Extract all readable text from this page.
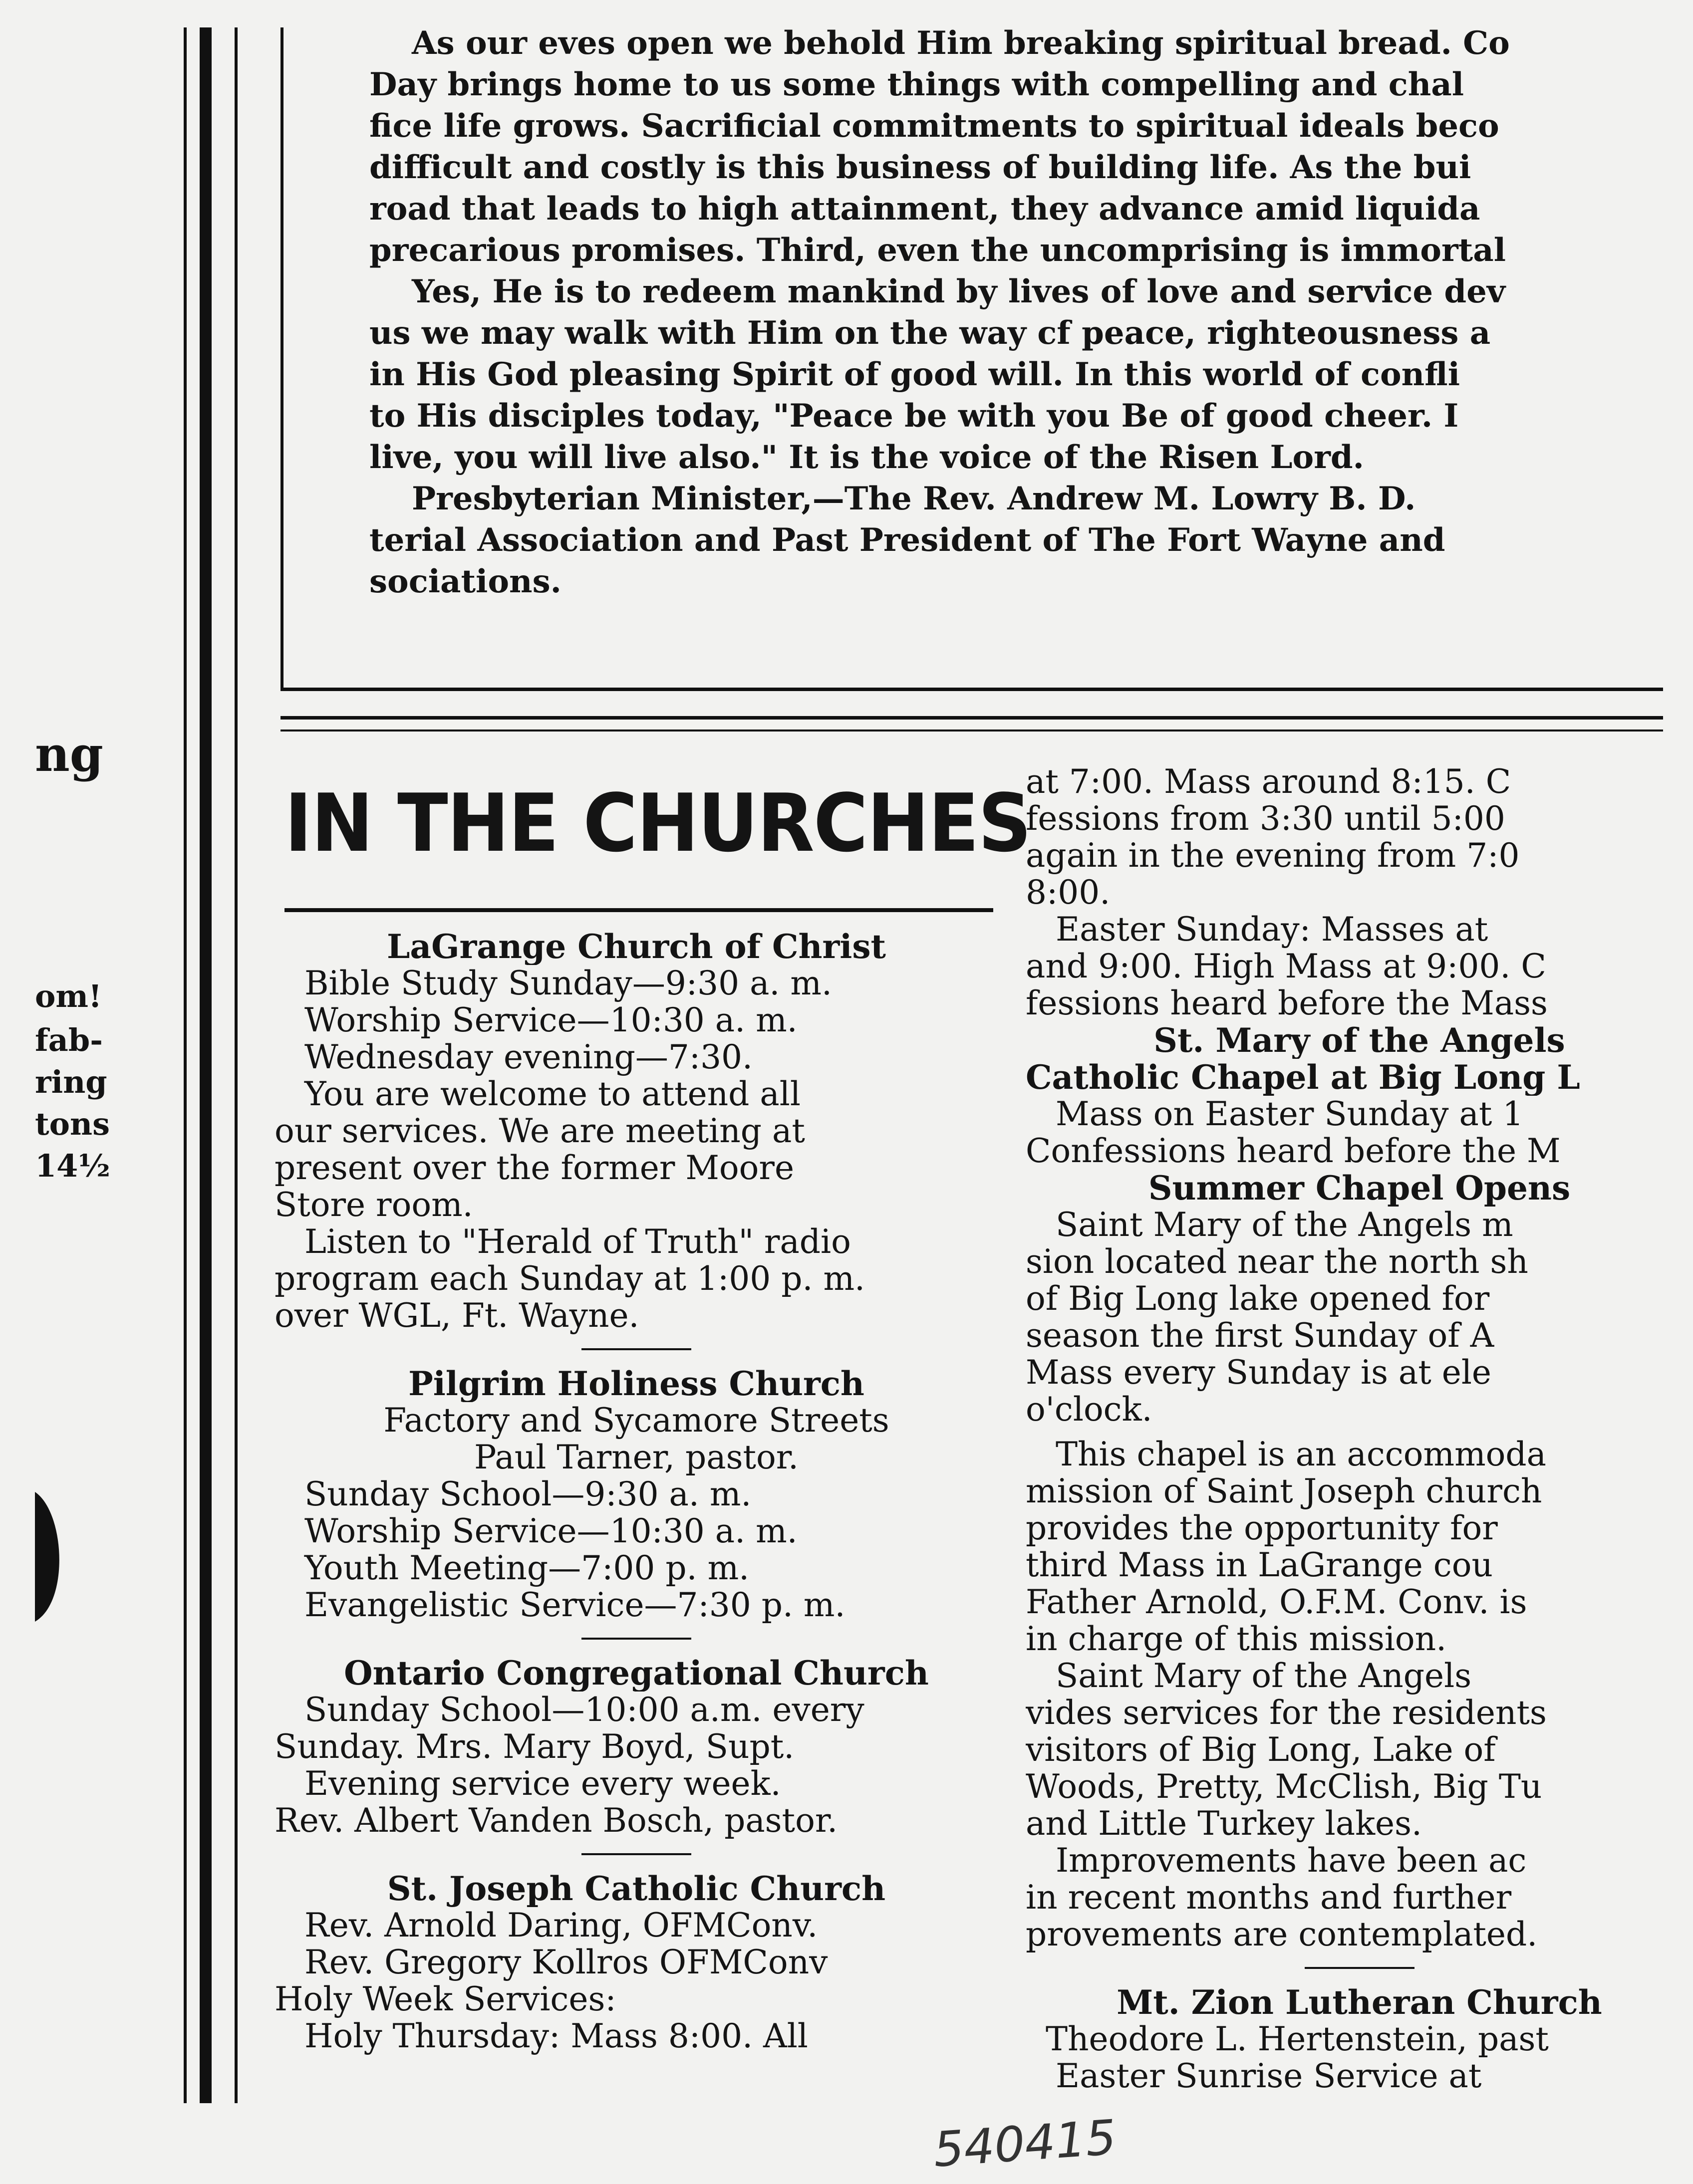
As our eves open we behold Him breaking spiritual bread. Co
Day brings home to us some things with compelling and chal
fice life grows. Sacrificial commitments to spiritual ideals beco
difficult and costly is this business of building life. As the bui
road that leads to high attainment, they advance amid liquida
precarious promises. Third, even the uncomprising is immortal
Yes, He is to redeem mankind by lives of love and service dev
us we may walk with Him on the way cf peace, righteousness a
in His God pleasing Spirit of good will. In this world of confli
to His disciples today, "Peace be with you Be of good cheer. I
live, you will live also." It is the voice of the Risen Lord.
Presbyterian Minister,—The Rev. Andrew M. Lowry B. D.
terial Association and Past President of The Fort Wayne and
sociations.
ng
om!
fab-
ring
tons
14½
IN THE CHURCHES
LaGrange Church of Christ
Bible Study Sunday—9:30 a. m.
Worship Service—10:30 a. m.
Wednesday evening—7:30.
You are welcome to attend all
our services. We are meeting at
present over the former Moore
Store room.
Listen to "Herald of Truth" radio
program each Sunday at 1:00 p. m.
over WGL, Ft. Wayne.
Pilgrim Holiness Church
Factory and Sycamore Streets
Paul Tarner, pastor.
Sunday School—9:30 a. m.
Worship Service—10:30 a. m.
Youth Meeting—7:00 p. m.
Evangelistic Service—7:30 p. m.
Ontario Congregational Church
Sunday School—10:00 a.m. every
Sunday. Mrs. Mary Boyd, Supt.
Evening service every week.
Rev. Albert Vanden Bosch, pastor.
St. Joseph Catholic Church
Rev. Arnold Daring, OFMConv.
Rev. Gregory Kollros OFMConv
Holy Week Services:
Holy Thursday: Mass 8:00. All
at 7:00. Mass around 8:15. C
fessions from 3:30 until 5:00
again in the evening from 7:0
8:00.
Easter Sunday: Masses at
and 9:00. High Mass at 9:00. C
fessions heard before the Mass
St. Mary of the Angels
Catholic Chapel at Big Long L
Mass on Easter Sunday at 1
Confessions heard before the M
Summer Chapel Opens
Saint Mary of the Angels m
sion located near the north sh
of Big Long lake opened for
season the first Sunday of A
Mass every Sunday is at ele
o'clock.
This chapel is an accommoda
mission of Saint Joseph church
provides the opportunity for
third Mass in LaGrange cou
Father Arnold, O.F.M. Conv. is
in charge of this mission.
Saint Mary of the Angels
vides services for the residents
visitors of Big Long, Lake of
Woods, Pretty, McClish, Big Tu
and Little Turkey lakes.
Improvements have been ac
in recent months and further
provements are contemplated.
Mt. Zion Lutheran Church
Theodore L. Hertenstein, past
Easter Sunrise Service at
540415
